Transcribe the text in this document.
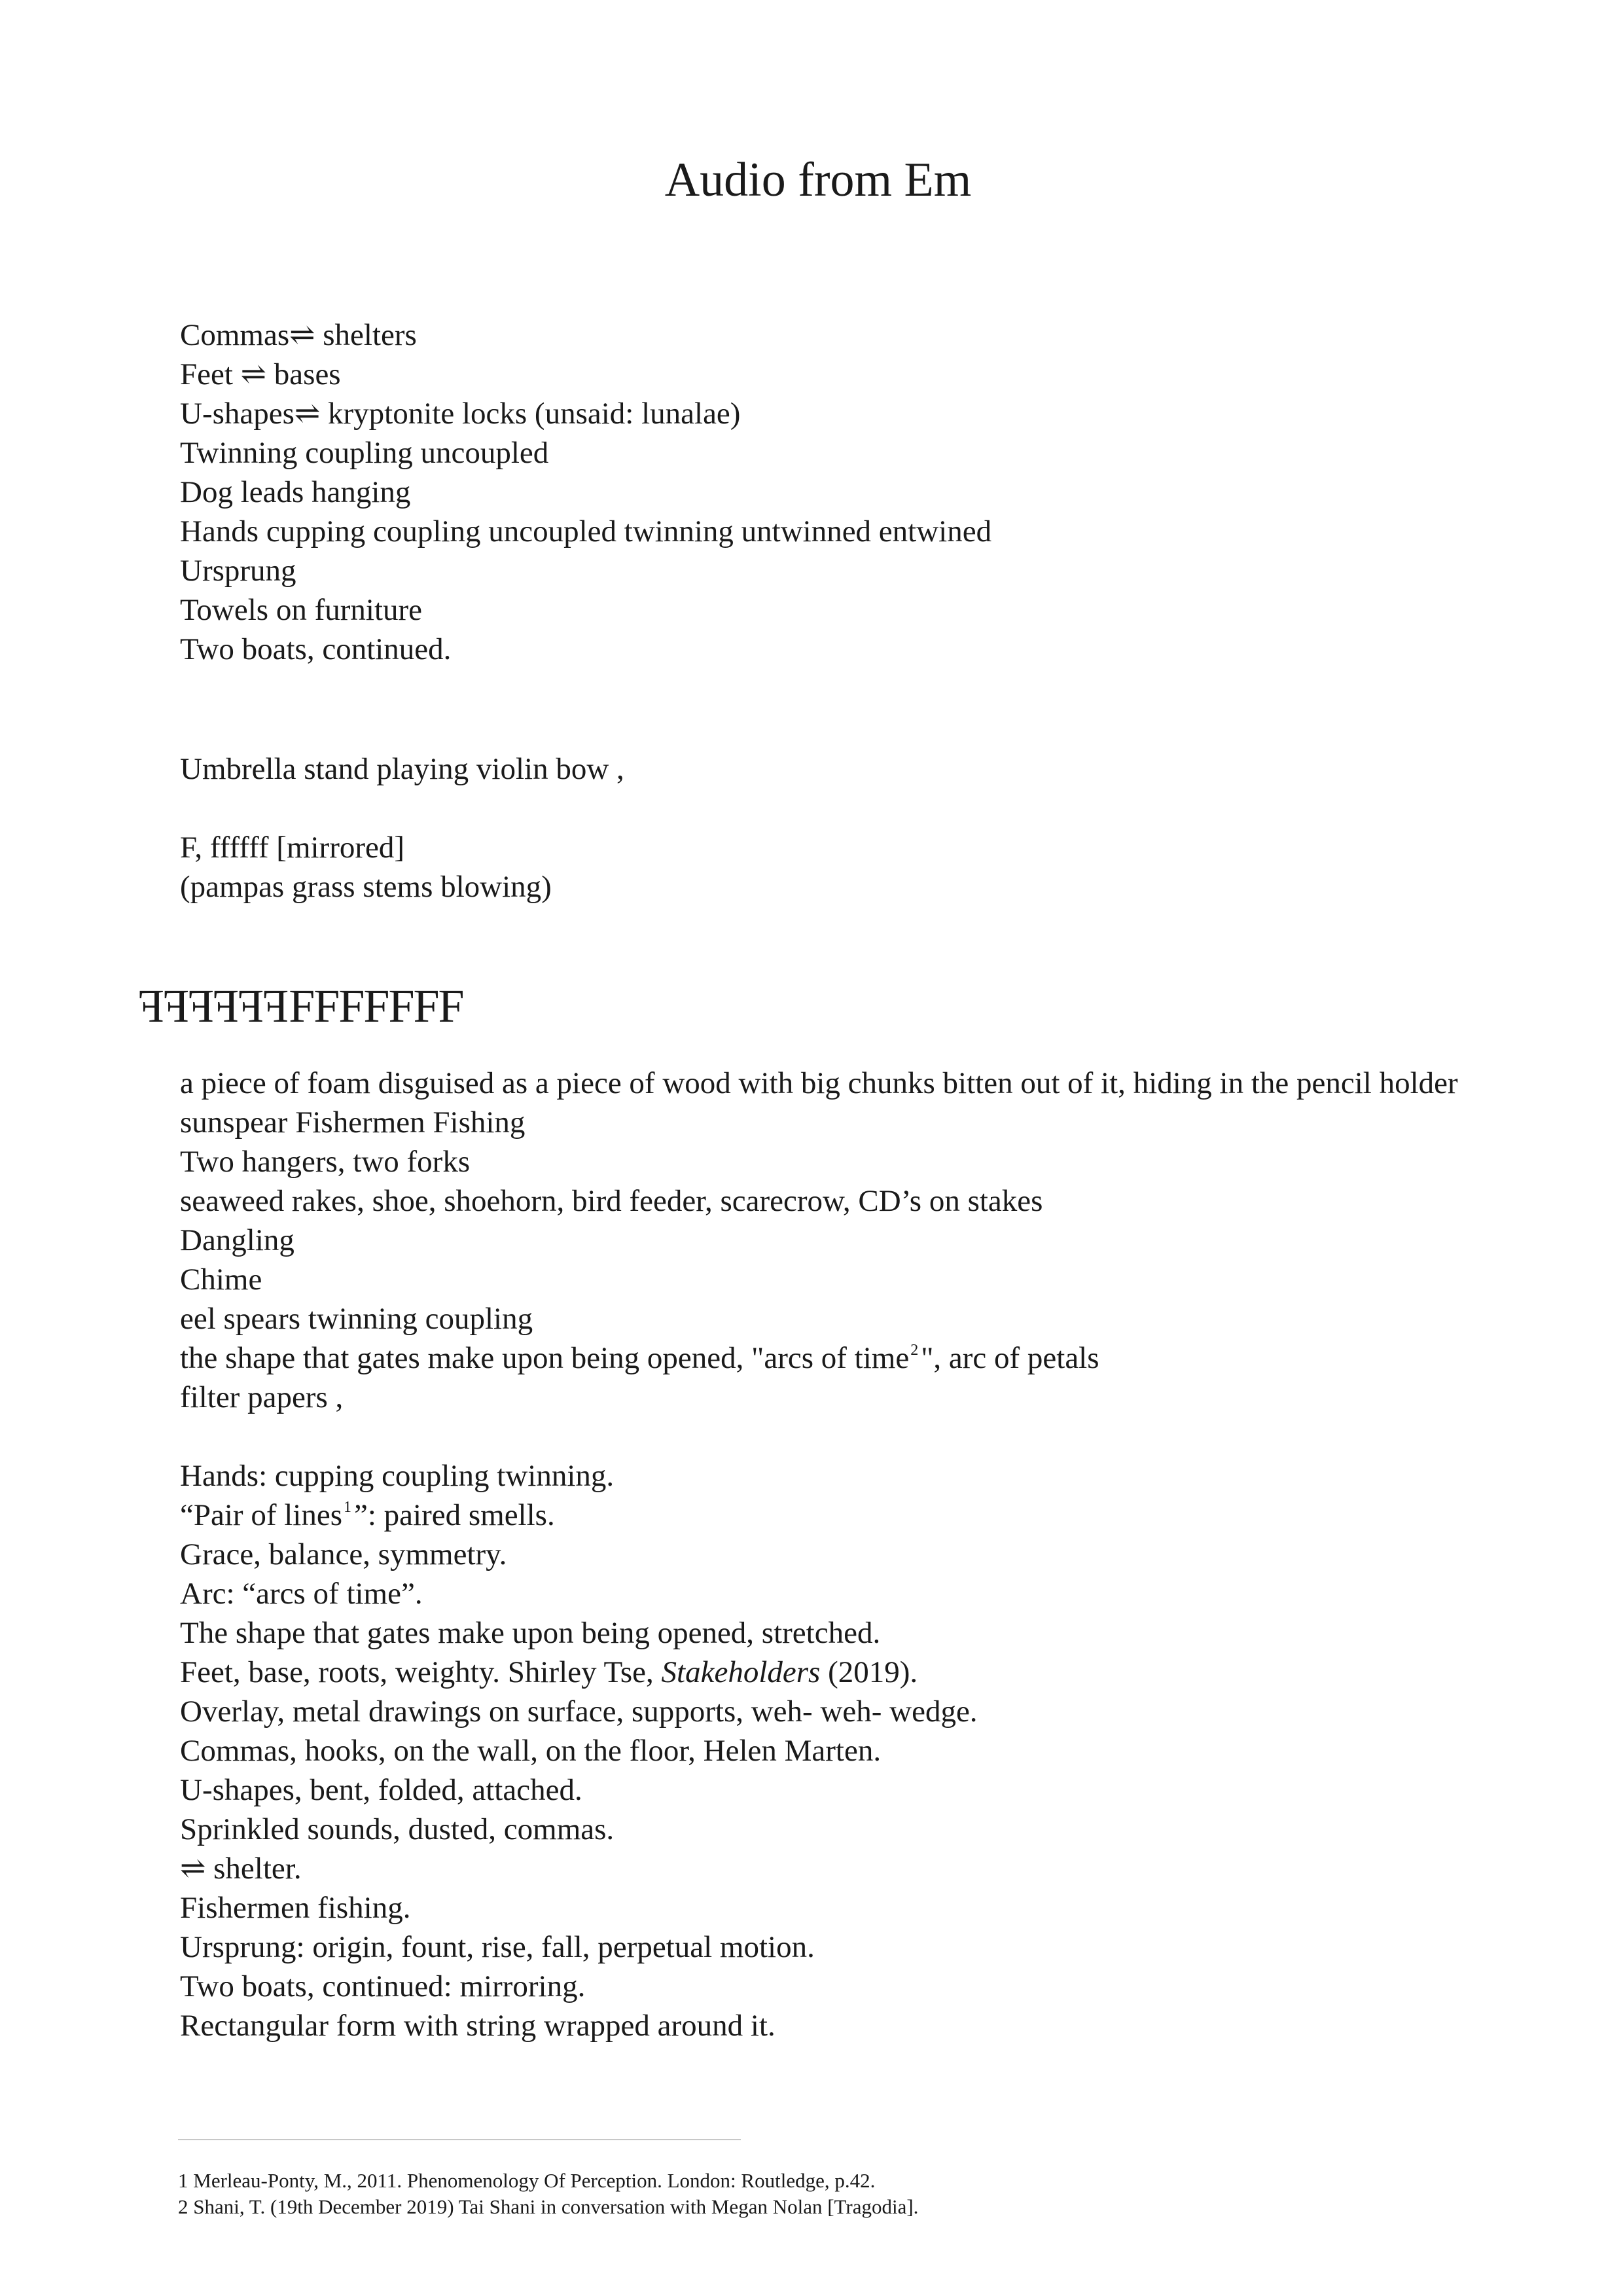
Audio from Em
Commas⇌ shelters
Feet ⇌ bases
U-shapes⇌ kryptonite locks (unsaid: lunalae)
Twinning coupling uncoupled
Dog leads hanging
Hands cupping coupling uncoupled twinning untwinned entwined
Ursprung
Towels on furniture
Two boats, continued.
Umbrella stand playing violin bow ,
F, ffffff [mirrored]
(pampas grass stems blowing)

FFFFFFFFFFFFF

a piece of foam disguised as a piece of wood with big chunks bitten out of it, hiding in the pencil holder
sunspear Fishermen Fishing
Two hangers, two forks
seaweed rakes, shoe, shoehorn, bird feeder, scarecrow, CD’s on stakes
Dangling
Chime
eel spears twinning coupling
the shape that gates make upon being opened, "arcs of time$^2$", arc of petals
filter papers ,
Hands: cupping coupling twinning.
“Pair of lines$^1$”: paired smells.
Grace, balance, symmetry.
Arc: “arcs of time”.
The shape that gates make upon being opened, stretched.
Feet, base, roots, weighty. Shirley Tse, Stakeholders (2019).
Overlay, metal drawings on surface, supports, weh- weh- wedge.
Commas, hooks, on the wall, on the floor, Helen Marten.
U-shapes, bent, folded, attached.
Sprinkled sounds, dusted, commas.
⇌ shelter.
Fishermen fishing.
Ursprung: origin, fount, rise, fall, perpetual motion.
Two boats, continued: mirroring.
Rectangular form with string wrapped around it.
1 Merleau-Ponty, M., 2011. Phenomenology Of Perception. London: Routledge, p.42.
2 Shani, T. (19th December 2019) Tai Shani in conversation with Megan Nolan [Tragodia].
